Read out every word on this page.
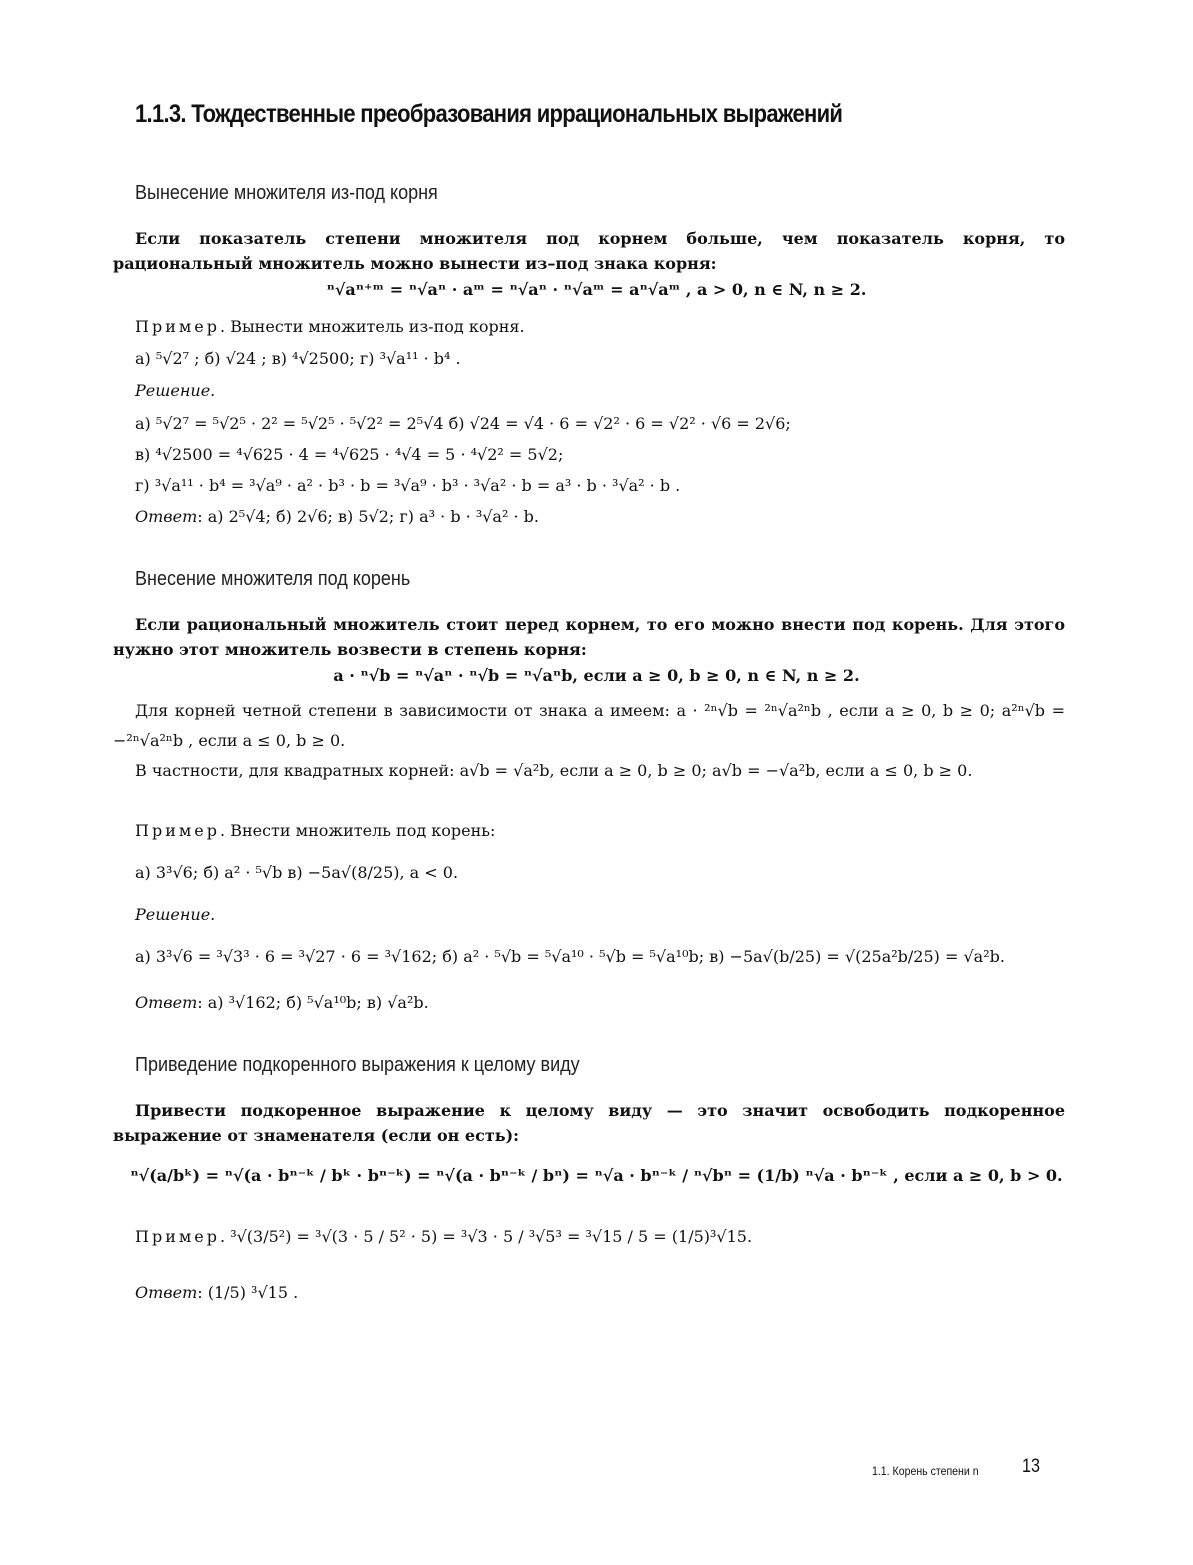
1.1.3. Тождественные преобразования иррациональных выражений
Вынесение множителя из-под корня

Если показатель степени множителя под корнем больше, чем показатель корня, то рациональный множитель можно вынести из–под знака корня:

ⁿ√aⁿ⁺ᵐ = ⁿ√aⁿ · aᵐ = ⁿ√aⁿ · ⁿ√aᵐ = aⁿ√aᵐ , a > 0, n ∈ N, n ≥ 2.
Пример. Вынести множитель из-под корня.
а) ⁵√2⁷ ; б) √24 ; в) ⁴√2500; г) ³√a¹¹ · b⁴ .
Решение.
а) ⁵√2⁷ = ⁵√2⁵ · 2² = ⁵√2⁵ · ⁵√2² = 2⁵√4 б) √24 = √4 · 6 = √2² · 6 = √2² · √6 = 2√6;
в) ⁴√2500 = ⁴√625 · 4 = ⁴√625 · ⁴√4 = 5 · ⁴√2² = 5√2;
г) ³√a¹¹ · b⁴ = ³√a⁹ · a² · b³ · b = ³√a⁹ · b³ · ³√a² · b = a³ · b · ³√a² · b .
Ответ: а) 2⁵√4; б) 2√6; в) 5√2; г) a³ · b · ³√a² · b.
Внесение множителя под корень

Если рациональный множитель стоит перед корнем, то его можно внести под корень. Для этого нужно этот множитель возвести в степень корня:

a · ⁿ√b = ⁿ√aⁿ · ⁿ√b = ⁿ√aⁿb, если a ≥ 0, b ≥ 0, n ∈ N, n ≥ 2.

Для корней четной степени в зависимости от знака a имеем: a · ²ⁿ√b = ²ⁿ√a²ⁿb , если a ≥ 0, b ≥ 0; a²ⁿ√b = −²ⁿ√a²ⁿb , если a ≤ 0, b ≥ 0.

В частности, для квадратных корней: a√b = √a²b, если a ≥ 0, b ≥ 0; a√b = −√a²b, если a ≤ 0, b ≥ 0.

Пример. Внести множитель под корень:
а) 3³√6; б) a² · ⁵√b в) −5a√(8/25), a < 0.
Решение.
а) 3³√6 = ³√3³ · 6 = ³√27 · 6 = ³√162; б) a² · ⁵√b = ⁵√a¹⁰ · ⁵√b = ⁵√a¹⁰b; в) −5a√(b/25) = √(25a²b/25) = √a²b.
Ответ: а) ³√162; б) ⁵√a¹⁰b; в) √a²b.
Приведение подкоренного выражения к целому виду

Привести подкоренное выражение к целому виду — это значит освободить подкоренное выражение от знаменателя (если он есть):

ⁿ√(a/bᵏ) = ⁿ√(a · bⁿ⁻ᵏ / bᵏ · bⁿ⁻ᵏ) = ⁿ√(a · bⁿ⁻ᵏ / bⁿ) = ⁿ√a · bⁿ⁻ᵏ / ⁿ√bⁿ = (1/b) ⁿ√a · bⁿ⁻ᵏ , если a ≥ 0, b > 0.
Пример. ³√(3/5²) = ³√(3 · 5 / 5² · 5) = ³√3 · 5 / ³√5³ = ³√15 / 5 = (1/5)³√15.
Ответ: (1/5) ³√15 .
1.1. Корень степени n 13
